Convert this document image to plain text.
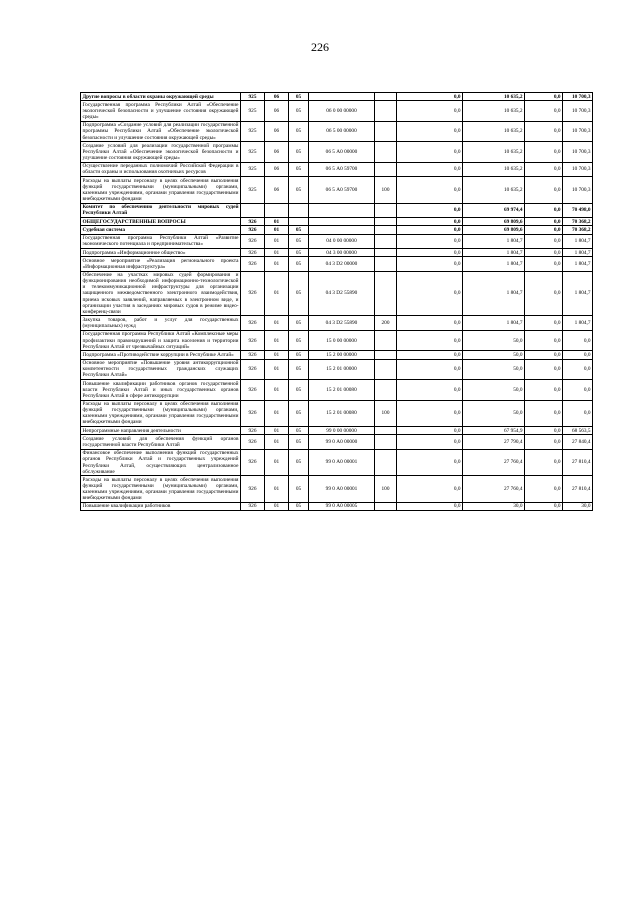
226
Другие вопросы в области охраны окружающей среды	925	06	05			0,0	10 635,2	0,0	10 700,3
Государственная программа Республики Алтай «Обеспечение экологической безопасности и улучшение состояния окружающей среды»	925	06	05	06 0 00 00000		0,0	10 635,2	0,0	10 700,3
Подпрограмма «Создание условий для реализации государственной программы Республики Алтай «Обеспечение экологической безопасности и улучшение состояния окружающей среды»	925	06	05	06 5 00 00000		0,0	10 635,2	0,0	10 700,3
Создание условий для реализации государственной программы Республики Алтай «Обеспечение экологической безопасности и улучшение состояния окружающей среды»	925	06	05	06 5 А0 00000		0,0	10 635,2	0,0	10 700,3
Осуществление переданных полномочий Российской Федерации в области охраны и использования охотничьих ресурсов	925	06	05	06 5 А0 59700		0,0	10 635,2	0,0	10 700,3
Расходы на выплаты персоналу в целях обеспечения выполнения функций государственными (муниципальными) органами, казенными учреждениями, органами управления государственными внебюджетными фондами	925	06	05	06 5 А0 59700	100	0,0	10 635,2	0,0	10 700,3
Комитет по обеспечению деятельности мировых судей Республики Алтай						0,0	69 974,4	0,0	70 498,0
ОБЩЕГОСУДАРСТВЕННЫЕ ВОПРОСЫ	926	01				0,0	69 809,6	0,0	70 368,2
Судебная система	926	01	05			0,0	69 809,6	0,0	70 368,2
Государственная программа Республики Алтай «Развитие экономического потенциала и предпринимательства»	926	01	05	04 0 00 00000		0,0	1 804,7	0,0	1 804,7
Подпрограмма «Информационное общество»	926	01	05	04 3 00 00000		0,0	1 804,7	0,0	1 804,7
Основное мероприятие «Реализация регионального проекта «Информационная инфраструктура»	926	01	05	04 3 D2 00000		0,0	1 804,7	0,0	1 804,7
Обеспечение на участках мировых судей формирования и функционирования необходимой информационно-технологической и телекоммуникационной инфраструктуры для организации защищенного межведомственного электронного взаимодействия, приема исковых заявлений, направляемых в электронном виде, и организации участия в заседаниях мировых судов в режиме видео-конференц-связи	926	01	05	04 3 D2 55890		0,0	1 804,7	0,0	1 804,7
Закупка товаров, работ и услуг для государственных (муниципальных) нужд	926	01	05	04 3 D2 55890	200	0,0	1 804,7	0,0	1 804,7
Государственная программа Республики Алтай «Комплексные меры профилактики правонарушений и защита населения и территории Республики Алтай от чрезвычайных ситуаций»	926	01	05	15 0 00 00000		0,0	50,0	0,0	0,0
Подпрограмма «Противодействие коррупции в Республике Алтай»	926	01	05	15 2 00 00000		0,0	50,0	0,0	0,0
Основное мероприятие «Повышение уровня антикоррупционной компетентности государственных гражданских служащих Республики Алтай»	926	01	05	15 2 01 00000		0,0	50,0	0,0	0,0
Повышение квалификации работников органов государственной власти Республики Алтай и иных государственных органов Республики Алтай в сфере антикоррупции	926	01	05	15 2 01 00080		0,0	50,0	0,0	0,0
Расходы на выплаты персоналу в целях обеспечения выполнения функций государственными (муниципальными) органами, казенными учреждениями, органами управления государственными внебюджетными фондами	926	01	05	15 2 01 00080	100	0,0	50,0	0,0	0,0
Непрограммные направления деятельности	926	01	05	99 0 00 00000		0,0	67 954,9	0,0	68 563,5
Создание условий для обеспечения функций органов государственной власти Республики Алтай	926	01	05	99 0 А0 00000		0,0	27 790,4	0,0	27 840,4
Финансовое обеспечение выполнения функций государственных органов Республики Алтай и государственных учреждений Республики Алтай, осуществляющих централизованное обслуживание	926	01	05	99 0 А0 00001		0,0	27 760,4	0,0	27 810,4
Расходы на выплаты персоналу в целях обеспечения выполнения функций государственными (муниципальными) органами, казенными учреждениями, органами управления государственными внебюджетными фондами	926	01	05	99 0 А0 00001	100	0,0	27 760,4	0,0	27 810,4
Повышение квалификации работников	926	01	05	99 0 А0 00005		0,0	30,0	0,0	30,0
